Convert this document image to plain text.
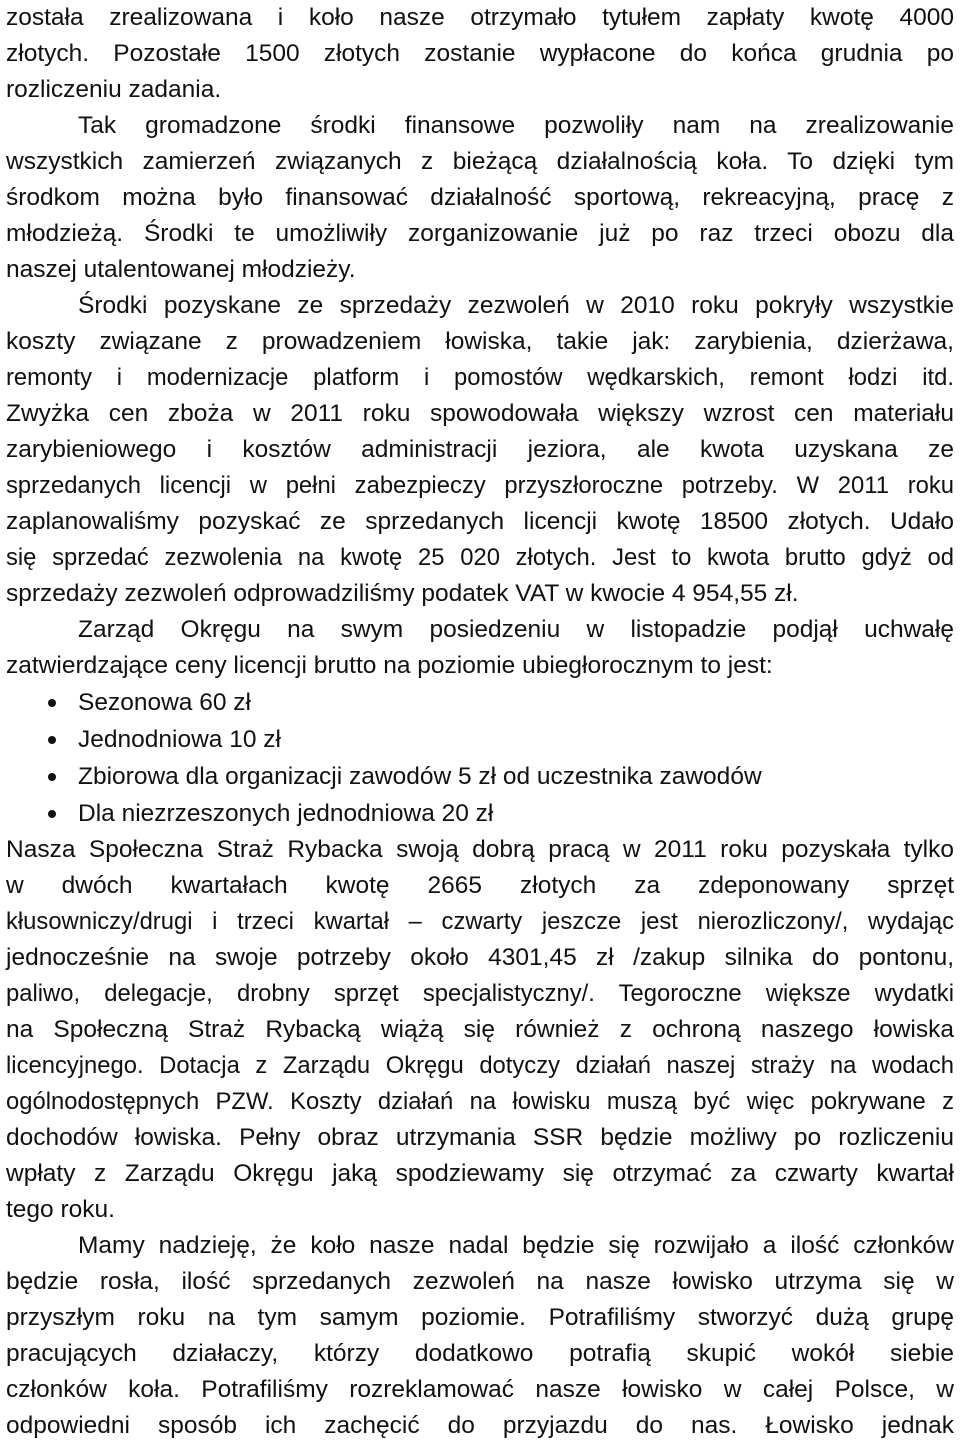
została zrealizowana i koło nasze otrzymało tytułem zapłaty kwotę 4000
złotych. Pozostałe 1500 złotych zostanie wypłacone do końca grudnia po
rozliczeniu zadania.
Tak gromadzone środki finansowe pozwoliły nam na zrealizowanie
wszystkich zamierzeń związanych z bieżącą działalnością koła. To dzięki tym
środkom można było finansować działalność sportową, rekreacyjną, pracę z
młodzieżą. Środki te umożliwiły zorganizowanie już po raz trzeci obozu dla
naszej utalentowanej młodzieży.
Środki pozyskane ze sprzedaży zezwoleń w 2010 roku pokryły wszystkie
koszty związane z prowadzeniem łowiska, takie jak: zarybienia, dzierżawa,
remonty i modernizacje platform i pomostów wędkarskich, remont łodzi itd.
Zwyżka cen zboża w 2011 roku spowodowała większy wzrost cen materiału
zarybieniowego i kosztów administracji jeziora, ale kwota uzyskana ze
sprzedanych licencji w pełni zabezpieczy przyszłoroczne potrzeby. W 2011 roku
zaplanowaliśmy pozyskać ze sprzedanych licencji kwotę 18500 złotych. Udało
się sprzedać zezwolenia na kwotę 25 020 złotych. Jest to kwota brutto gdyż od
sprzedaży zezwoleń odprowadziliśmy podatek VAT w kwocie 4 954,55 zł.
Zarząd Okręgu na swym posiedzeniu w listopadzie podjął uchwałę
zatwierdzające ceny licencji brutto na poziomie ubiegłorocznym to jest:
Sezonowa 60 zł
Jednodniowa 10 zł
Zbiorowa dla organizacji zawodów 5 zł od uczestnika zawodów
Dla niezrzeszonych jednodniowa 20 zł
Nasza Społeczna Straż Rybacka swoją dobrą pracą w 2011 roku pozyskała tylko
w dwóch kwartałach kwotę 2665 złotych za zdeponowany sprzęt
kłusowniczy/drugi i trzeci kwartał – czwarty jeszcze jest nierozliczony/, wydając
jednocześnie na swoje potrzeby około 4301,45 zł /zakup silnika do pontonu,
paliwo, delegacje, drobny sprzęt specjalistyczny/. Tegoroczne większe wydatki
na Społeczną Straż Rybacką wiążą się również z ochroną naszego łowiska
licencyjnego. Dotacja z Zarządu Okręgu dotyczy działań naszej straży na wodach
ogólnodostępnych PZW. Koszty działań na łowisku muszą być więc pokrywane z
dochodów łowiska. Pełny obraz utrzymania SSR będzie możliwy po rozliczeniu
wpłaty z Zarządu Okręgu jaką spodziewamy się otrzymać za czwarty kwartał
tego roku.
Mamy nadzieję, że koło nasze nadal będzie się rozwijało a ilość członków
będzie rosła, ilość sprzedanych zezwoleń na nasze łowisko utrzyma się w
przyszłym roku na tym samym poziomie. Potrafiliśmy stworzyć dużą grupę
pracujących działaczy, którzy dodatkowo potrafią skupić wokół siebie
członków koła. Potrafiliśmy rozreklamować nasze łowisko w całej Polsce, w
odpowiedni sposób ich zachęcić do przyjazdu do nas. Łowisko jednak
